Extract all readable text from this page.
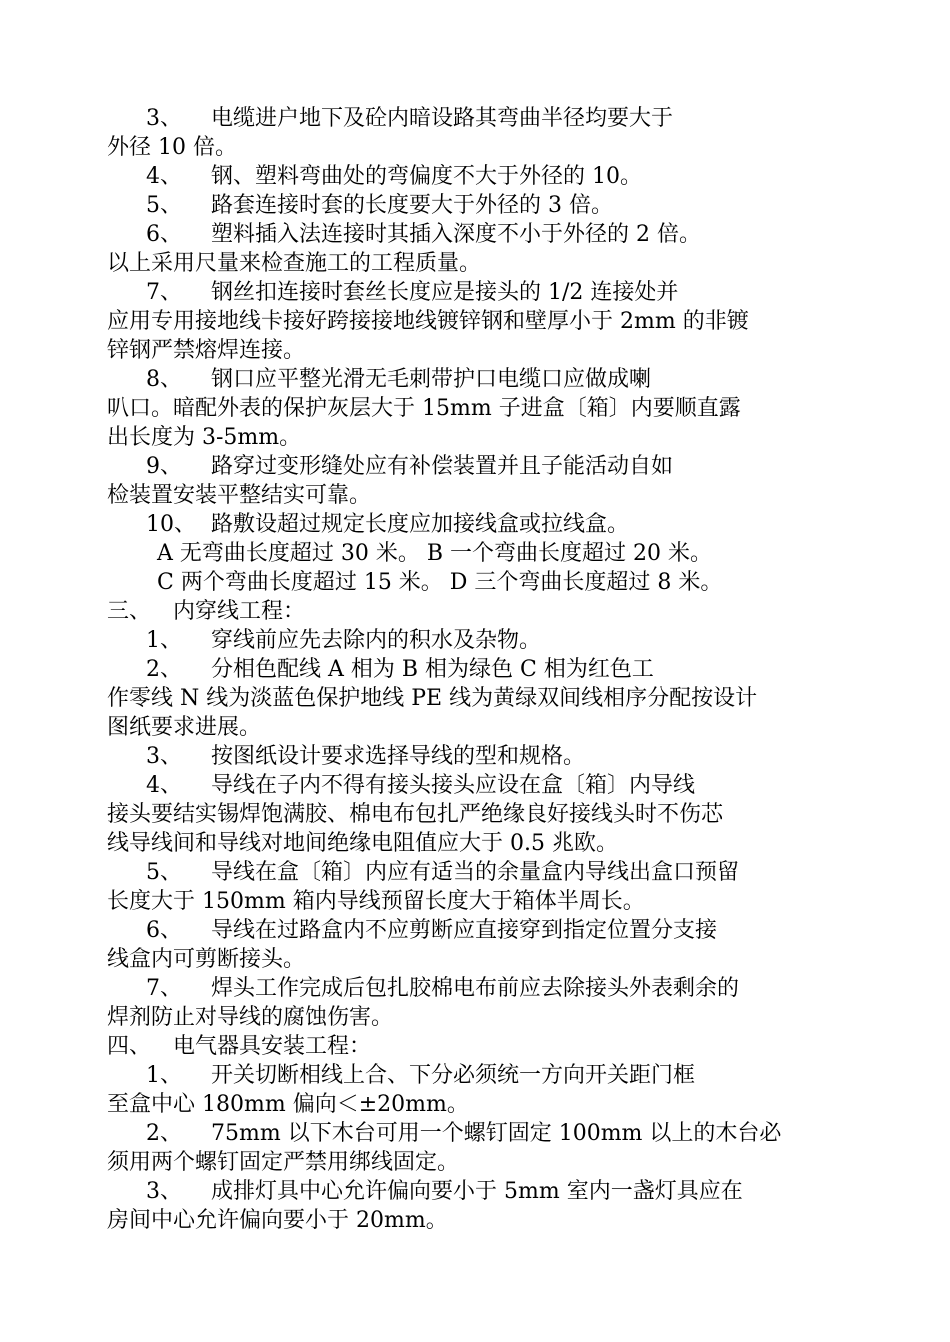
3、 电缆进户地下及砼内暗设路其弯曲半径均要大于
外径 10 倍。
4、 钢、塑料弯曲处的弯偏度不大于外径的 10。
5、 路套连接时套的长度要大于外径的 3 倍。
6、 塑料插入法连接时其插入深度不小于外径的 2 倍。
以上采用尺量来检查施工的工程质量。
7、 钢丝扣连接时套丝长度应是接头的 1/2 连接处并
应用专用接地线卡接好跨接接地线镀锌钢和壁厚小于 2mm 的非镀
锌钢严禁熔焊连接。
8、 钢口应平整光滑无毛刺带护口电缆口应做成喇
叭口。暗配外表的保护灰层大于 15mm 子进盒〔箱〕内要顺直露
出长度为 3-5mm。
9、 路穿过变形缝处应有补偿装置并且子能活动自如
检装置安装平整结实可靠。
10、 路敷设超过规定长度应加接线盒或拉线盒。
A 无弯曲长度超过 30 米。 B 一个弯曲长度超过 20 米。
C 两个弯曲长度超过 15 米。 D 三个弯曲长度超过 8 米。
三、 内穿线工程：
1、 穿线前应先去除内的积水及杂物。
2、 分相色配线 A 相为 B 相为绿色 C 相为红色工
作零线 N 线为淡蓝色保护地线 PE 线为黄绿双间线相序分配按设计
图纸要求进展。
3、 按图纸设计要求选择导线的型和规格。
4、 导线在子内不得有接头接头应设在盒〔箱〕内导线
接头要结实锡焊饱满胶、棉电布包扎严绝缘良好接线头时不伤芯
线导线间和导线对地间绝缘电阻值应大于 0.5 兆欧。
5、 导线在盒〔箱〕内应有适当的余量盒内导线出盒口预留
长度大于 150mm 箱内导线预留长度大于箱体半周长。
6、 导线在过路盒内不应剪断应直接穿到指定位置分支接
线盒内可剪断接头。
7、 焊头工作完成后包扎胶棉电布前应去除接头外表剩余的
焊剂防止对导线的腐蚀伤害。
四、 电气器具安装工程：
1、 开关切断相线上合、下分必须统一方向开关距门框
至盒中心 180mm 偏向＜±20mm。
2、 75mm 以下木台可用一个螺钉固定 100mm 以上的木台必
须用两个螺钉固定严禁用绑线固定。
3、 成排灯具中心允许偏向要小于 5mm 室内一盏灯具应在
房间中心允许偏向要小于 20mm。
